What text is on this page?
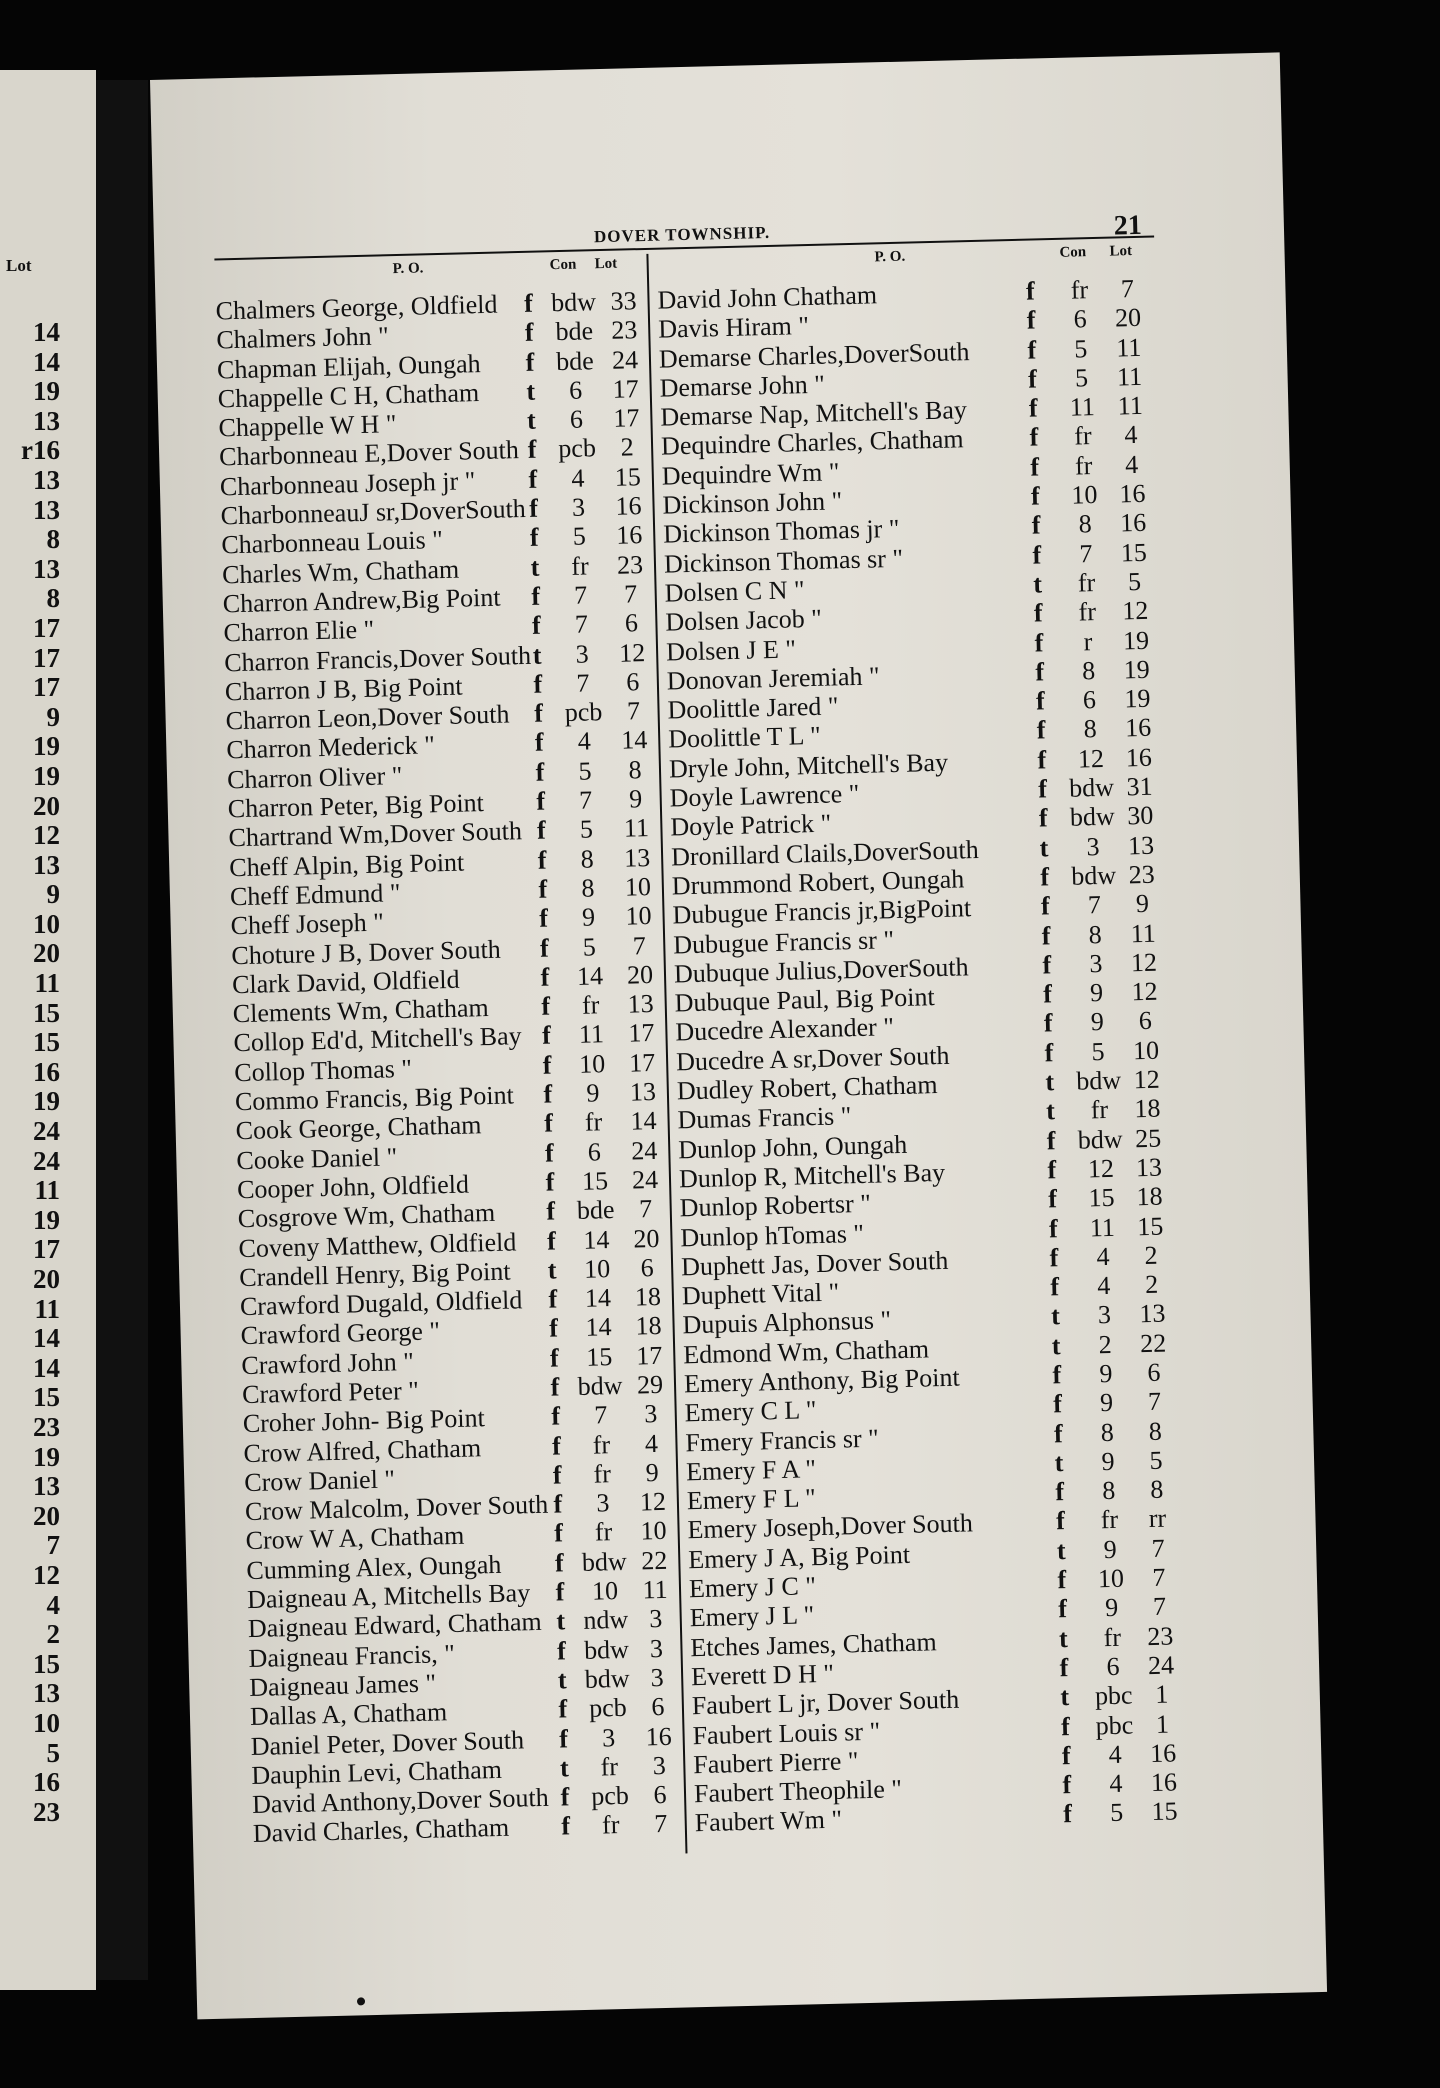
Lot
14
14
19
13
r16
13
13
8
13
8
17
17
17
9
19
19
20
12
13
9
10
20
11
15
15
16
19
24
24
11
19
17
20
11
14
14
15
23
19
13
20
7
12
4
2
15
13
10
5
16
23
DOVER TOWNSHIP.	21
P. O.	Con Lot	P. O.	Con Lot
Chalmers George, Oldfield	f bdw 33
Chalmers John "	f bde 23
Chapman Elijah, Oungah	f bde 24
Chappelle C H, Chatham	t	6	17
Chappelle W H "	t	6	17
Charbonneau E,Dover South f pcb 2
Charbonneau Joseph jr "	f	4	15
CharbonneauJ sr,DoverSouth f	3	16
Charbonneau Louis "	f	5	16
Charles Wm, Chatham	t	fr	23
Charron Andrew,Big Point	f	7	7
Charron Elie "	f	7	6
Charron Francis,Dover South t	3	12
Charron J B, Big Point	f	7	6
Charron Leon,Dover South f pcb 7
Charron Mederick "	f	4	14
Charron Oliver "	f	5	8
Charron Peter, Big Point	f	7	9
Chartrand Wm,Dover South f	5	11
Cheff Alpin, Big Point	f	8	13
Cheff Edmund "	f	8	10
Cheff Joseph "	f	9	10
Choture J B, Dover South	f	5	7
Clark David, Oldfield	f	14 20
Clements Wm, Chatham	f	fr	13
Collop Ed'd, Mitchell's Bay f	11 17
Collop Thomas "	f	10 17
Commo Francis, Big Point	f	9	13
Cook George, Chatham	f	fr	14
Cooke Daniel "	f	6	24
Cooper John, Oldfield	f	15 24
Cosgrove Wm, Chatham	f bde 7
Coveny Matthew, Oldfield	f	14 20
Crandell Henry, Big Point	t	10	6
Crawford Dugald, Oldfield f	14 18
Crawford George "	f	14 18
Crawford John "	f	15 17
Crawford Peter "	f bdw 29
Croher John- Big Point	f	7	3
Crow Alfred, Chatham	f	fr	4
Crow Daniel "	f	fr	9
Crow Malcolm, Dover South f	3	12
Crow W A, Chatham	f	fr	10
Cumming Alex, Oungah	f bdw 22
Daigneau A, Mitchells Bay f	10 11
Daigneau Edward, Chatham t ndw 3
Daigneau Francis, "	f bdw 3
Daigneau James "	t bdw 3
Dallas A, Chatham	f pcb 6
Daniel Peter, Dover South	f	3	16
Dauphin Levi, Chatham	t	fr	3
David Anthony,Dover South f pcb 6
David Charles, Chatham	f	fr	7
David John Chatham	f	fr	7
Davis Hiram "	f	6	20
Demarse Charles,DoverSouth	f	5	11
Demarse John "	f	5	11
Demarse Nap, Mitchell's Bay	f	11 11
Dequindre Charles, Chatham	f	fr	4
Dequindre Wm "	f	fr	4
Dickinson John "	f	10 16
Dickinson Thomas jr "	f	8	16
Dickinson Thomas sr "	f	7	15
Dolsen C N "	t	fr	5
Dolsen Jacob "	f	fr 12
Dolsen J E "	f	r	19
Donovan Jeremiah "	f	8	19
Doolittle Jared "	f	6	19
Doolittle T L "	f	8	16
Dryle John, Mitchell's Bay	f	12 16
Doyle Lawrence "	f bdw 31
Doyle Patrick "	f bdw 30
Dronillard Clails,DoverSouth	t	3	13
Drummond Robert, Oungah	f bdw 23
Dubugue Francis jr,BigPoint	f	7	9
Dubugue Francis sr "	f	8	11
Dubuque Julius,DoverSouth	f	3	12
Dubuque Paul, Big Point	f	9	12
Ducedre Alexander "	f	9	6
Ducedre A sr,Dover South	f	5	10
Dudley Robert, Chatham	t bdw 12
Dumas Francis "	t	fr 18
Dunlop John, Oungah	f bdw 25
Dunlop R, Mitchell's Bay	f	12 13
Dunlop Robertsr "	f	15 18
Dunlop hTomas "	f	11 15
Duphett Jas, Dover South	f	4	2
Duphett Vital "	f	4	2
Dupuis Alphonsus "	t	3	13
Edmond Wm, Chatham	t	2	22
Emery Anthony, Big Point	f	9	6
Emery C L "	f	9	7
Fmery Francis sr "	f	8	8
Emery F A "	t	9	5
Emery F L "	f	8	8
Emery Joseph,Dover South	f	fr	rr
Emery J A, Big Point	t	9	7
Emery J C "	f	10	7
Emery J L "	f	9	7
Etches James, Chatham	t	fr 23
Everett D H "	f	6	24
Faubert L jr, Dover South	t pbc 1
Faubert Louis sr "	f pbc 1
Faubert Pierre "	f	4	16
Faubert Theophile "	f	4	16
Faubert Wm "	f	5	15
